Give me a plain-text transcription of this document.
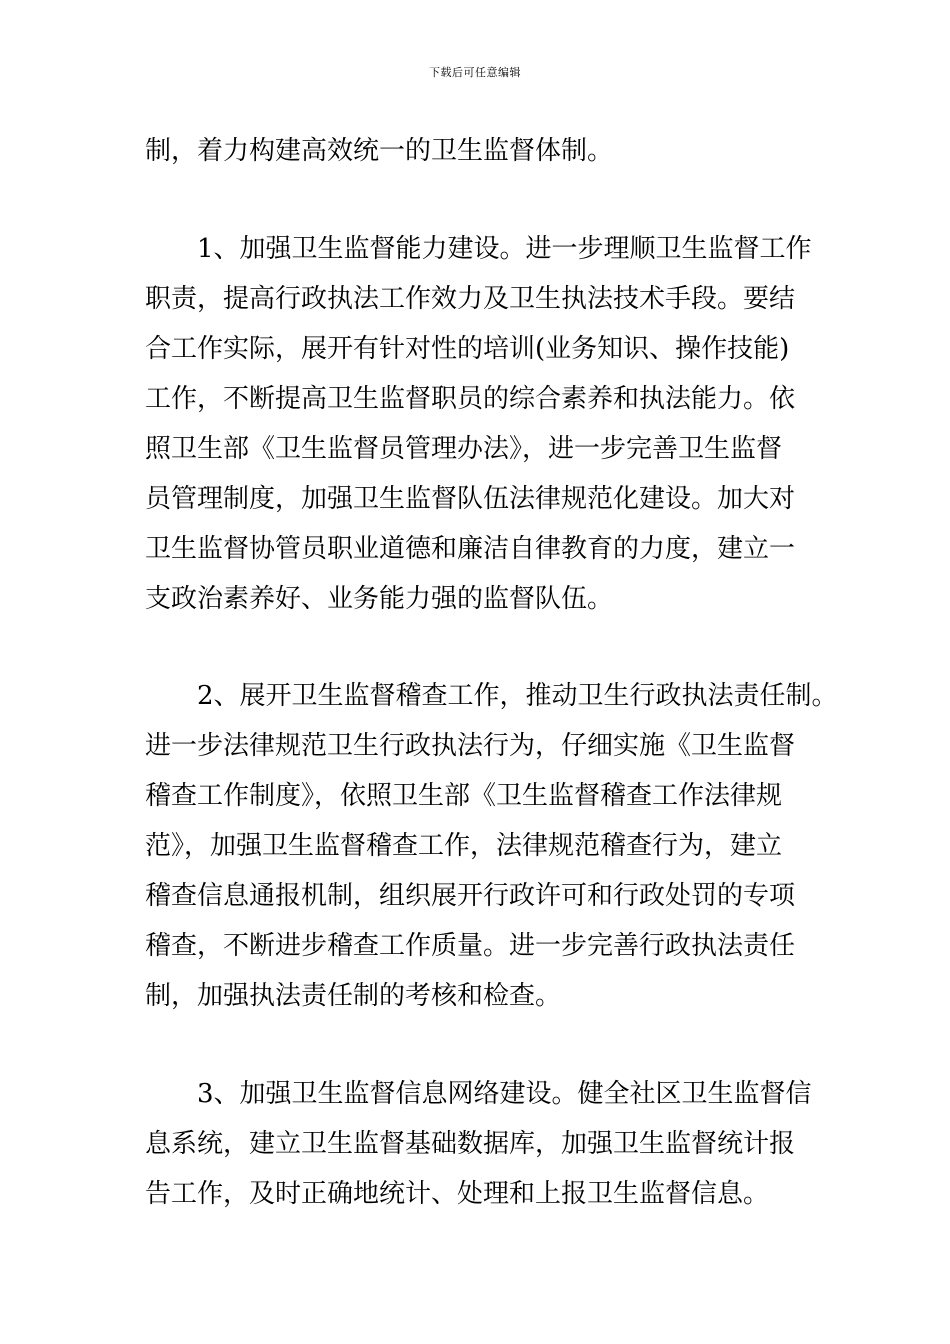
下载后可任意编辑
制，着力构建高效统一的卫生监督体制。
1、加强卫生监督能力建设。进一步理顺卫生监督工作
职责，提高行政执法工作效力及卫生执法技术手段。要结
合工作实际，展开有针对性的培训(业务知识、操作技能)
工作，不断提高卫生监督职员的综合素养和执法能力。依
照卫生部《卫生监督员管理办法》，进一步完善卫生监督
员管理制度，加强卫生监督队伍法律规范化建设。加大对
卫生监督协管员职业道德和廉洁自律教育的力度，建立一
支政治素养好、业务能力强的监督队伍。
2、展开卫生监督稽查工作，推动卫生行政执法责任制。
进一步法律规范卫生行政执法行为，仔细实施《卫生监督
稽查工作制度》，依照卫生部《卫生监督稽查工作法律规
范》，加强卫生监督稽查工作，法律规范稽查行为，建立
稽查信息通报机制，组织展开行政许可和行政处罚的专项
稽查，不断进步稽查工作质量。进一步完善行政执法责任
制，加强执法责任制的考核和检查。
3、加强卫生监督信息网络建设。健全社区卫生监督信
息系统，建立卫生监督基础数据库，加强卫生监督统计报
告工作，及时正确地统计、处理和上报卫生监督信息。
